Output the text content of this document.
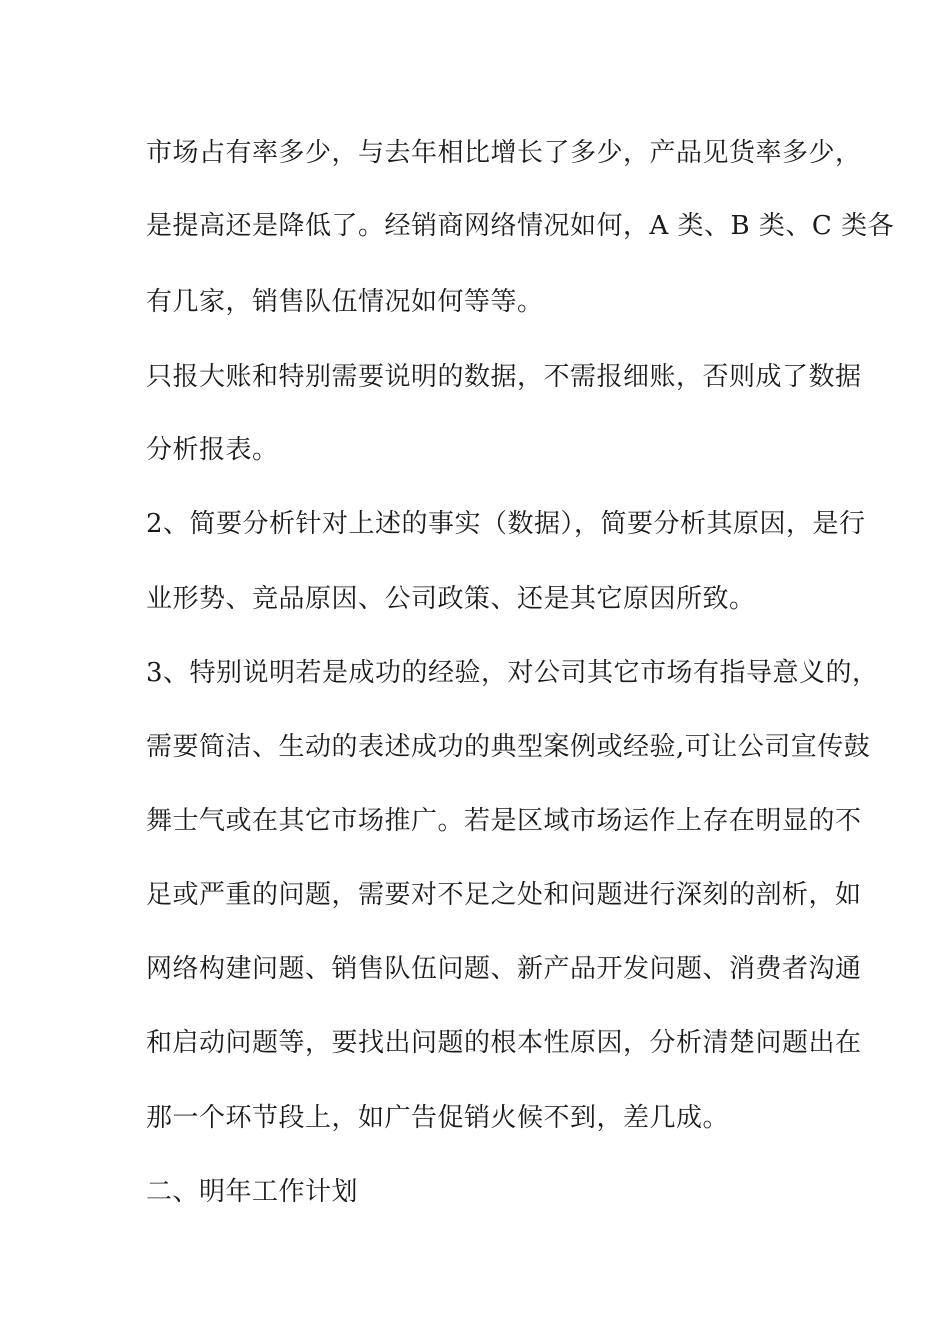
市场占有率多少，与去年相比增长了多少，产品见货率多少，

是提高还是降低了。经销商网络情况如何，A 类、B 类、C 类各

有几家，销售队伍情况如何等等。

只报大账和特别需要说明的数据，不需报细账，否则成了数据

分析报表。

2、简要分析针对上述的事实（数据），简要分析其原因，是行

业形势、竞品原因、公司政策、还是其它原因所致。

3、特别说明若是成功的经验，对公司其它市场有指导意义的，

需要简洁、生动的表述成功的典型案例或经验,可让公司宣传鼓

舞士气或在其它市场推广。若是区域市场运作上存在明显的不

足或严重的问题，需要对不足之处和问题进行深刻的剖析，如

网络构建问题、销售队伍问题、新产品开发问题、消费者沟通

和启动问题等，要找出问题的根本性原因，分析清楚问题出在

那一个环节段上，如广告促销火候不到，差几成。

二、明年工作计划
